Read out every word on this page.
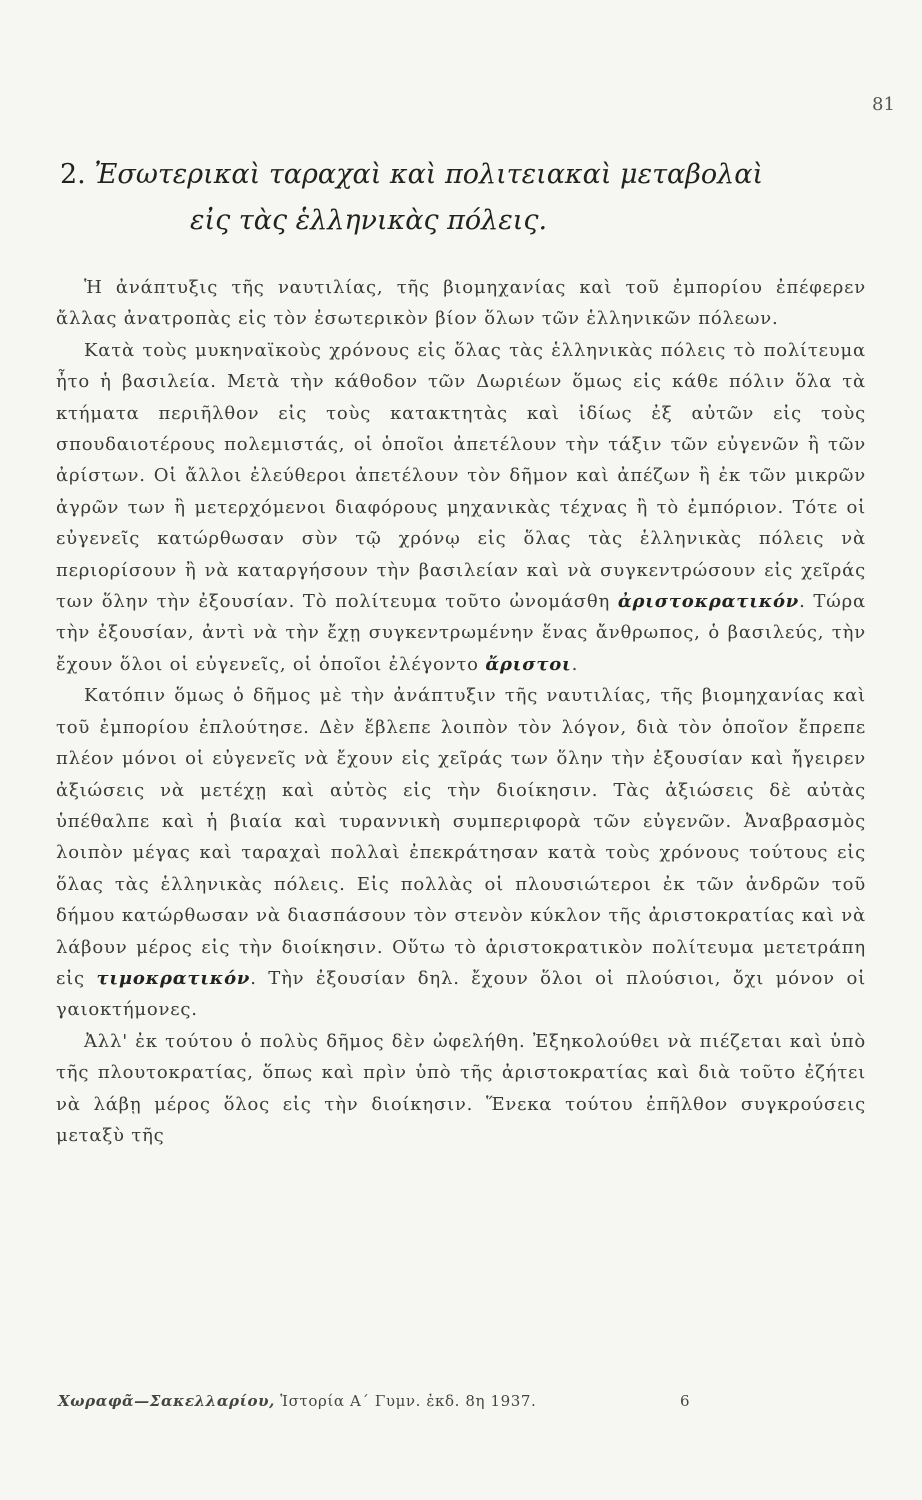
81
2. Ἐσωτερικαὶ ταραχαὶ καὶ πολιτειακαὶ μεταβολαὶ
εἰς τὰς ἑλληνικὰς πόλεις.

Ἡ ἀνάπτυξις τῆς ναυτιλίας, τῆς βιομηχανίας καὶ τοῦ ἐμπορίου ἐπέφερεν ἄλλας ἀνατροπὰς εἰς τὸν ἐσωτερικὸν βίον ὅλων τῶν ἑλληνικῶν πόλεων.

Κατὰ τοὺς μυκηναϊκοὺς χρόνους εἰς ὅλας τὰς ἑλληνικὰς πόλεις τὸ πολίτευμα ἦτο ἡ βασιλεία. Μετὰ τὴν κάθοδον τῶν Δωριέων ὅμως εἰς κάθε πόλιν ὅλα τὰ κτήματα περιῆλθον εἰς τοὺς κατακτητὰς καὶ ἰδίως ἐξ αὐτῶν εἰς τοὺς σπουδαιοτέρους πολεμιστάς, οἱ ὁποῖοι ἀπετέλουν τὴν τάξιν τῶν εὐγενῶν ἢ τῶν ἀρίστων. Οἱ ἄλλοι ἐλεύθεροι ἀπετέλουν τὸν δῆμον καὶ ἀπέζων ἢ ἐκ τῶν μικρῶν ἀγρῶν των ἢ μετερχόμενοι διαφόρους μηχανικὰς τέχνας ἢ τὸ ἐμπόριον. Τότε οἱ εὐγενεῖς κατώρθωσαν σὺν τῷ χρόνῳ εἰς ὅλας τὰς ἑλληνικὰς πόλεις νὰ περιορίσουν ἢ νὰ καταργήσουν τὴν βασιλείαν καὶ νὰ συγκεντρώσουν εἰς χεῖράς των ὅλην τὴν ἐξουσίαν. Τὸ πολίτευμα τοῦτο ὠνομάσθη ἀριστοκρατικόν. Τώρα τὴν ἐξουσίαν, ἀντὶ νὰ τὴν ἔχῃ συγκεντρωμένην ἕνας ἄνθρωπος, ὁ βασιλεύς, τὴν ἔχουν ὅλοι οἱ εὐγενεῖς, οἱ ὁποῖοι ἐλέγοντο ἄριστοι.

Κατόπιν ὅμως ὁ δῆμος μὲ τὴν ἀνάπτυξιν τῆς ναυτιλίας, τῆς βιομηχανίας καὶ τοῦ ἐμπορίου ἐπλούτησε. Δὲν ἔβλεπε λοιπὸν τὸν λόγον, διὰ τὸν ὁποῖον ἔπρεπε πλέον μόνοι οἱ εὐγενεῖς νὰ ἔχουν εἰς χεῖράς των ὅλην τὴν ἐξουσίαν καὶ ἤγειρεν ἀξιώσεις νὰ μετέχῃ καὶ αὐτὸς εἰς τὴν διοίκησιν. Τὰς ἀξιώσεις δὲ αὐτὰς ὑπέθαλπε καὶ ἡ βιαία καὶ τυραννικὴ συμπεριφορὰ τῶν εὐγενῶν. Ἀναβρασμὸς λοιπὸν μέγας καὶ ταραχαὶ πολλαὶ ἐπεκράτησαν κατὰ τοὺς χρόνους τούτους εἰς ὅλας τὰς ἑλληνικὰς πόλεις. Εἰς πολλὰς οἱ πλουσιώτεροι ἐκ τῶν ἀνδρῶν τοῦ δήμου κατώρθωσαν νὰ διασπάσουν τὸν στενὸν κύκλον τῆς ἀριστοκρατίας καὶ νὰ λάβουν μέρος εἰς τὴν διοίκησιν. Οὕτω τὸ ἀριστοκρατικὸν πολίτευμα μετετράπη εἰς τιμοκρατικόν. Τὴν ἐξουσίαν δηλ. ἔχουν ὅλοι οἱ πλούσιοι, ὄχι μόνον οἱ γαιοκτήμονες.

Ἀλλ' ἐκ τούτου ὁ πολὺς δῆμος δὲν ὠφελήθη. Ἐξηκολούθει νὰ πιέζεται καὶ ὑπὸ τῆς πλουτοκρατίας, ὅπως καὶ πρὶν ὑπὸ τῆς ἀριστοκρατίας καὶ διὰ τοῦτο ἐζήτει νὰ λάβῃ μέρος ὅλος εἰς τὴν διοίκησιν. Ἕνεκα τούτου ἐπῆλθον συγκρούσεις μεταξὺ τῆς

Χωραφᾶ—Σακελλαρίου, Ἱστορία Α΄ Γυμν. ἐκδ. 8η 1937.	6
